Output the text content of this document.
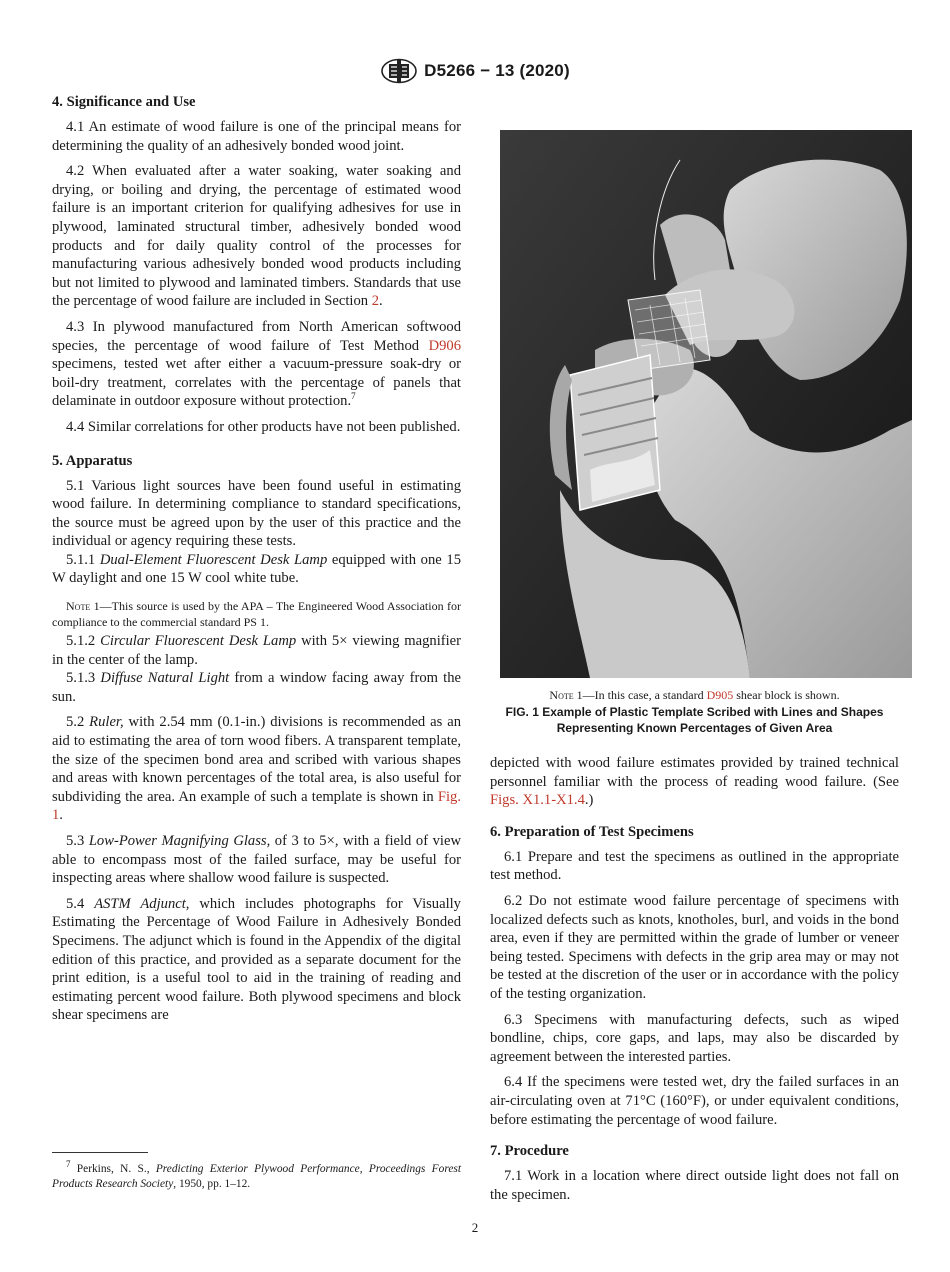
D5266 − 13 (2020)
4. Significance and Use

4.1 An estimate of wood failure is one of the principal means for determining the quality of an adhesively bonded wood joint.

4.2 When evaluated after a water soaking, water soaking and drying, or boiling and drying, the percentage of estimated wood failure is an important criterion for qualifying adhesives for use in plywood, laminated structural timber, adhesively bonded wood products and for daily quality control of the processes for manufacturing various adhesively bonded wood products including but not limited to plywood and laminated timbers. Standards that use the percentage of wood failure are included in Section 2.

4.3 In plywood manufactured from North American softwood species, the percentage of wood failure of Test Method D906 specimens, tested wet after either a vacuum-pressure soak-dry or boil-dry treatment, correlates with the percentage of panels that delaminate in outdoor exposure without protection.$^7$

4.4 Similar correlations for other products have not been published.

5. Apparatus

5.1 Various light sources have been found useful in estimating wood failure. In determining compliance to standard specifications, the source must be agreed upon by the user of this practice and the individual or agency requiring these tests.

5.1.1 Dual-Element Fluorescent Desk Lamp equipped with one 15 W daylight and one 15 W cool white tube.

Note 1—This source is used by the APA – The Engineered Wood Association for compliance to the commercial standard PS 1.

5.1.2 Circular Fluorescent Desk Lamp with 5× viewing magnifier in the center of the lamp.

5.1.3 Diffuse Natural Light from a window facing away from the sun.

5.2 Ruler, with 2.54 mm (0.1-in.) divisions is recommended as an aid to estimating the area of torn wood fibers. A transparent template, the size of the specimen bond area and scribed with various shapes and areas with known percentages of the total area, is also useful for subdividing the area. An example of such a template is shown in Fig. 1.

5.3 Low-Power Magnifying Glass, of 3 to 5×, with a field of view able to encompass most of the failed surface, may be useful for inspecting areas where shallow wood failure is suspected.

5.4 ASTM Adjunct, which includes photographs for Visually Estimating the Percentage of Wood Failure in Adhesively Bonded Specimens. The adjunct which is found in the Appendix of the digital edition of this practice, and provided as a separate document for the print edition, is a useful tool to aid in the training of reading and estimating percent wood failure. Both plywood specimens and block shear specimens are

$^7$ Perkins, N. S., Predicting Exterior Plywood Performance, Proceedings Forest Products Research Society, 1950, pp. 1–12.
Note 1—In this case, a standard D905 shear block is shown.
FIG. 1 Example of Plastic Template Scribed with Lines and Shapes Representing Known Percentages of Given Area

depicted with wood failure estimates provided by trained technical personnel familiar with the process of reading wood failure. (See Figs. X1.1-X1.4.)

6. Preparation of Test Specimens

6.1 Prepare and test the specimens as outlined in the appropriate test method.

6.2 Do not estimate wood failure percentage of specimens with localized defects such as knots, knotholes, burl, and voids in the bond area, even if they are permitted within the grade of lumber or veneer being tested. Specimens with defects in the grip area may or may not be tested at the discretion of the user or in accordance with the policy of the testing organization.

6.3 Specimens with manufacturing defects, such as wiped bondline, chips, core gaps, and laps, may also be discarded by agreement between the interested parties.

6.4 If the specimens were tested wet, dry the failed surfaces in an air-circulating oven at 71°C (160°F), or under equivalent conditions, before estimating the percentage of wood failure.

7. Procedure

7.1 Work in a location where direct outside light does not fall on the specimen.

2
